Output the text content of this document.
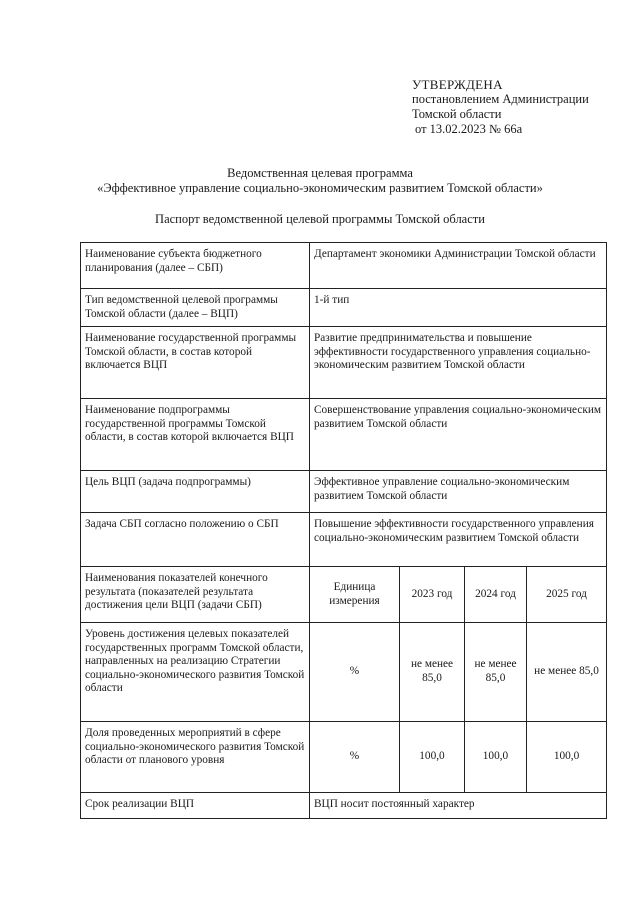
УТВЕРЖДЕНА
постановлением Администрации
Томской области
от 13.02.2023 № 66а
Ведомственная целевая программа
«Эффективное управление социально-экономическим развитием Томской области»
Паспорт ведомственной целевой программы Томской области
Наименование субъекта бюджетного планирования (далее – СБП)	Департамент экономики Администрации Томской области			
Тип ведомственной целевой программы Томской области (далее – ВЦП)	1-й тип			
Наименование государственной программы Томской области, в состав которой включается ВЦП	Развитие предпринимательства и повышение эффективности государственного управления социально-экономическим развитием Томской области			
Наименование подпрограммы государственной программы Томской области, в состав которой включается ВЦП	Совершенствование управления социально-экономическим развитием Томской области			
Цель ВЦП (задача подпрограммы)	Эффективное управление социально-экономическим развитием Томской области			
Задача СБП согласно положению о СБП	Повышение эффективности государственного управления социально-экономическим развитием Томской области			
Наименования показателей конечного результата (показателей результата достижения цели ВЦП (задачи СБП)	Единица измерения	2023 год	2024 год	2025 год
Уровень достижения целевых показателей государственных программ Томской области, направленных на реализацию Стратегии социально-экономического развития Томской области	%	не менее 85,0	не менее 85,0	не менее 85,0
Доля проведенных мероприятий в сфере социально-экономического развития Томской области от планового уровня	%	100,0	100,0	100,0
Срок реализации ВЦП	ВЦП носит постоянный характер			
